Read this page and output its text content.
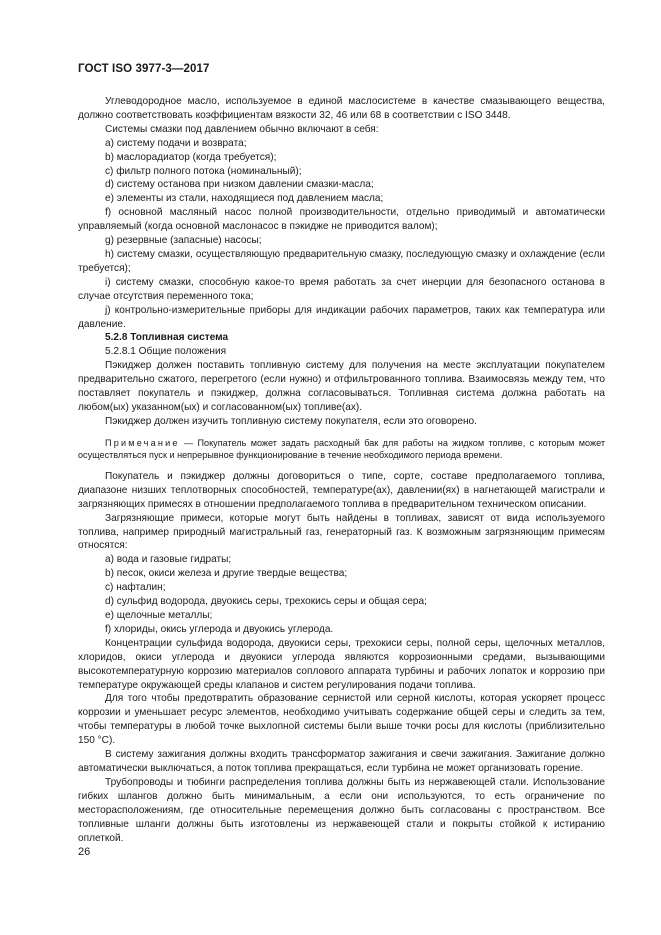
ГОСТ ISO 3977-3—2017

Углеводородное масло, используемое в единой маслосистеме в качестве смазывающего вещества, должно соответствовать коэффициентам вязкости 32, 46 или 68 в соответствии с ISO 3448.

Системы смазки под давлением обычно включают в себя:

a) систему подачи и возврата;

b) маслорадиатор (когда требуется);

c) фильтр полного потока (номинальный);

d) систему останова при низком давлении смазки-масла;

e) элементы из стали, находящиеся под давлением масла;

f) основной масляный насос полной производительности, отдельно приводимый и автоматически управляемый (когда основной маслонасос в пэкидже не приводится валом);

g) резервные (запасные) насосы;

h) систему смазки, осуществляющую предварительную смазку, последующую смазку и охлаждение (если требуется);

i) систему смазки, способную какое-то время работать за счет инерции для безопасного останова в случае отсутствия переменного тока;

j) контрольно-измерительные приборы для индикации рабочих параметров, таких как температура или давление.

5.2.8 Топливная система

5.2.8.1 Общие положения

Пэкиджер должен поставить топливную систему для получения на месте эксплуатации покупателем предварительно сжатого, перегретого (если нужно) и отфильтрованного топлива. Взаимосвязь между тем, что поставляет покупатель и пэкиджер, должна согласовываться. Топливная система должна работать на любом(ых) указанном(ых) и согласованном(ых) топливе(ах).

Пэкиджер должен изучить топливную систему покупателя, если это оговорено.

Примечание — Покупатель может задать расходный бак для работы на жидком топливе, с которым может осуществляться пуск и непрерывное функционирование в течение необходимого периода времени.

Покупатель и пэкиджер должны договориться о типе, сорте, составе предполагаемого топлива, диапазоне низших теплотворных способностей, температуре(ах), давлении(ях) в нагнетающей магистрали и загрязняющих примесях в отношении предполагаемого топлива в предварительном техническом описании.

Загрязняющие примеси, которые могут быть найдены в топливах, зависят от вида используемого топлива, например природный магистральный газ, генераторный газ. К возможным загрязняющим примесям относятся:

a) вода и газовые гидраты;

b) песок, окиси железа и другие твердые вещества;

c) нафталин;

d) сульфид водорода, двуокись серы, трехокись серы и общая сера;

e) щелочные металлы;

f) хлориды, окись углерода и двуокись углерода.

Концентрации сульфида водорода, двуокиси серы, трехокиси серы, полной серы, щелочных металлов, хлоридов, окиси углерода и двуокиси углерода являются коррозионными средами, вызывающими высокотемпературную коррозию материалов соплового аппарата турбины и рабочих лопаток и коррозию при температуре окружающей среды клапанов и систем регулирования подачи топлива.

Для того чтобы предотвратить образование сернистой или серной кислоты, которая ускоряет процесс коррозии и уменьшает ресурс элементов, необходимо учитывать содержание общей серы и следить за тем, чтобы температуры в любой точке выхлопной системы были выше точки росы для кислоты (приблизительно 150 °С).

В систему зажигания должны входить трансформатор зажигания и свечи зажигания. Зажигание должно автоматически выключаться, а поток топлива прекращаться, если турбина не может организовать горение.

Трубопроводы и тюбинги распределения топлива должны быть из нержавеющей стали. Использование гибких шлангов должно быть минимальным, а если они используются, то есть ограничение по месторасположениям, где относительные перемещения должно быть согласованы с пространством. Все топливные шланги должны быть изготовлены из нержавеющей стали и покрыты стойкой к истиранию оплеткой.

26
